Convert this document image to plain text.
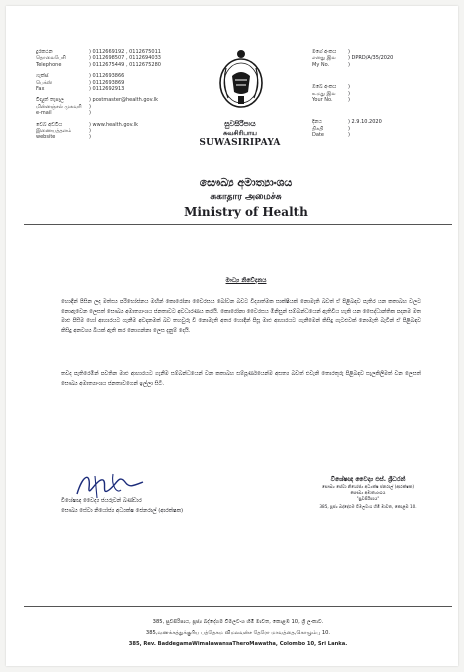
දුරකථන	) 0112669192 , 0112675011
தொலைபேசி	) 0112698507 , 0112694033
Telephone	) 0112675449 , 0112675280
ෆැක්ස්	) 0112693866
பெக்ஸ்	) 0112693869
Fax	) 0112692913
විද්‍යුත් තැපෑල	) postmaster@health.gov.lk
மின்னஞ்சல் முகவரி	)
e-mail	)
වෙබ් අඩවිය	) www.health.gov.lk
இணையத்தளம்	)
website	)
සුවසිරිපාය
சுவசிரிபாய
SUWASIRIPAYA
මගේ අංකය	)
எனது இல	) DPRD/A/35/2020
My No.	)
ඔබේ අංකය	)
உமது இல	)
Your No.	)
දිනය	) 2.9.10.2020
திகதி	)
Date	)
සෞඛ්‍ය අමාත්‍යාංශය
சுகாதார அமைச்சு
Ministry of Health
මාධ්‍ය නිවේදනය
හොඳින් පිසින ලද මත්ස්‍ය පරිභෝජනය මඟින් කොරෝනා වෛරසය බෝවන බවට විද්‍යාත්මක සාක්ෂියක් නොමැති බවත් ඒ පිළිබඳව පැතිර යන කතාබහ වලට නොඇවෙන ලෙසත් සෞඛ්‍ය අමාත්‍යාංශය ජනතාවට අවධාරණය කරයි. කොරෝනා වෛරසය මිනිසුන් සම්බන්ධයෙන් ඇතිවිය හැකි යන සෛද්ධාන්තික පදනම මත මාළු පිසීම හෝ ආහාරයට ගැනීම අවදානමක් බව තහවුරු වී නොමැති අතර හොඳින් පිසූ මාළු ආහාරයට ගැනීමෙන් කිසිදු ගැටළුවක් නොමැති බැවින් ඒ පිළිබඳව කිසිදු අනවශ්‍ය බියක් ඇති කර නොගන්නා ලෙස දැනුම් දෙයි.
තවද පැතිරෙමින් පවතින මාළු ආහාරයට ගැනීම සම්බන්ධයෙන් වන කතාබහ සම්පූර්ණයෙන්ම අසත්‍ය බවත් එවැනි තොරතුරු පිළිබඳව සැලකිලිමත් වන ලෙසත් සෞඛ්‍ය අමාත්‍යාංශය ජනතාවගෙන් ඉල්ලා සිටී.
විශේෂඥ වෛද්‍ය ජයරුවන් බණ්ඩාර
සෞඛ්‍ය සේවා නියෝජ්‍ය අධ්‍යක්ෂ ජෙනරාල් (ආරක්ෂක)
විශේෂඥ වෛද්‍ය එස්. ශ්‍රීධරන්
සෞඛ්‍ය සේවා නියෝජ්‍ය අධ්‍යක්ෂ ජනරාල් (ආරක්ෂක)
සෞඛ්‍ය අමාත්‍යාංශය
"සුවසිරිපාය"
385, පූජ්‍ය බද්දේගම විමලවංශ හිමි මාවත, කොළඹ 10.
385, සුවසිරිපාය, පූජ්‍ය බද්දේගම විමලවංශ හිමි මාවත, කොළඹ 10, ශ්‍රී ලංකාව.
385,வணக்கத்துக்குரிய பத்தேகம விமலவன்ச தேரோ மாவத்தை,கொழும்பு 10.
385, Rev. BaddegamaWimalawansaTheroMawatha, Colombo 10, Sri Lanka.
